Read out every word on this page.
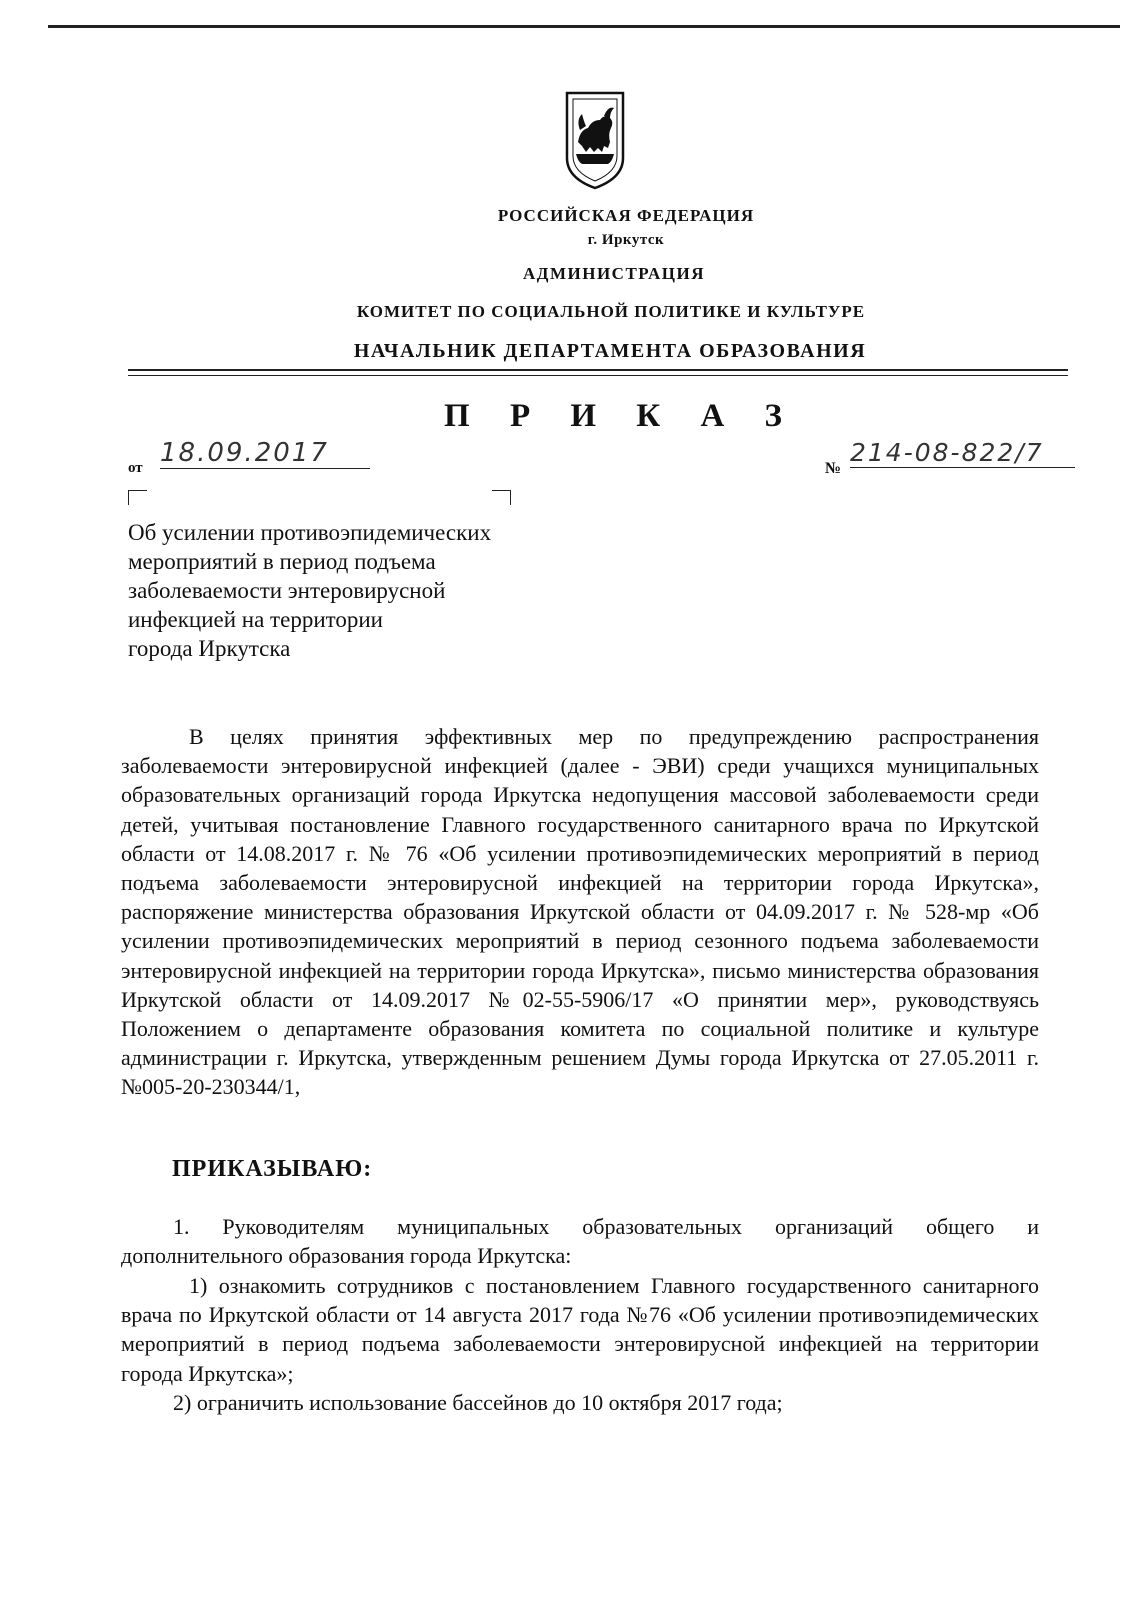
РОССИЙСКАЯ ФЕДЕРАЦИЯ
г. Иркутск
АДМИНИСТРАЦИЯ
КОМИТЕТ ПО СОЦИАЛЬНОЙ ПОЛИТИКЕ И КУЛЬТУРЕ
НАЧАЛЬНИК ДЕПАРТАМЕНТА ОБРАЗОВАНИЯ
П Р И К А З
от 18.09.2017
№
214-08-822/7
Об усилении противоэпидемических
мероприятий в период подъема
заболеваемости энтеровирусной
инфекцией на территории
города Иркутска

В целях принятия эффективных мер по предупреждению распространения заболеваемости энтеровирусной инфекцией (далее - ЭВИ) среди учащихся муниципальных образовательных организаций города Иркутска недопущения массовой заболеваемости среди детей, учитывая постановление Главного государственного санитарного врача по Иркутской области от 14.08.2017 г. № 76 «Об усилении противоэпидемических мероприятий в период подъема заболеваемости энтеровирусной инфекцией на территории города Иркутска», распоряжение министерства образования Иркутской области от 04.09.2017 г. № 528-мр «Об усилении противоэпидемических мероприятий в период сезонного подъема заболеваемости энтеровирусной инфекцией на территории города Иркутска», письмо министерства образования Иркутской области от 14.09.2017 №02-55-5906/17 «О принятии мер», руководствуясь Положением о департаменте образования комитета по социальной политике и культуре администрации г. Иркутска, утвержденным решением Думы города Иркутска от 27.05.2011 г. №005-20-230344/1,

ПРИКАЗЫВАЮ:

1. Руководителям муниципальных образовательных организаций общего и дополнительного образования города Иркутска:

1) ознакомить сотрудников с постановлением Главного государственного санитарного врача по Иркутской области от 14 августа 2017 года №76 «Об усилении противоэпидемических мероприятий в период подъема заболеваемости энтеровирусной инфекцией на территории города Иркутска»;

2) ограничить использование бассейнов до 10 октября 2017 года;
